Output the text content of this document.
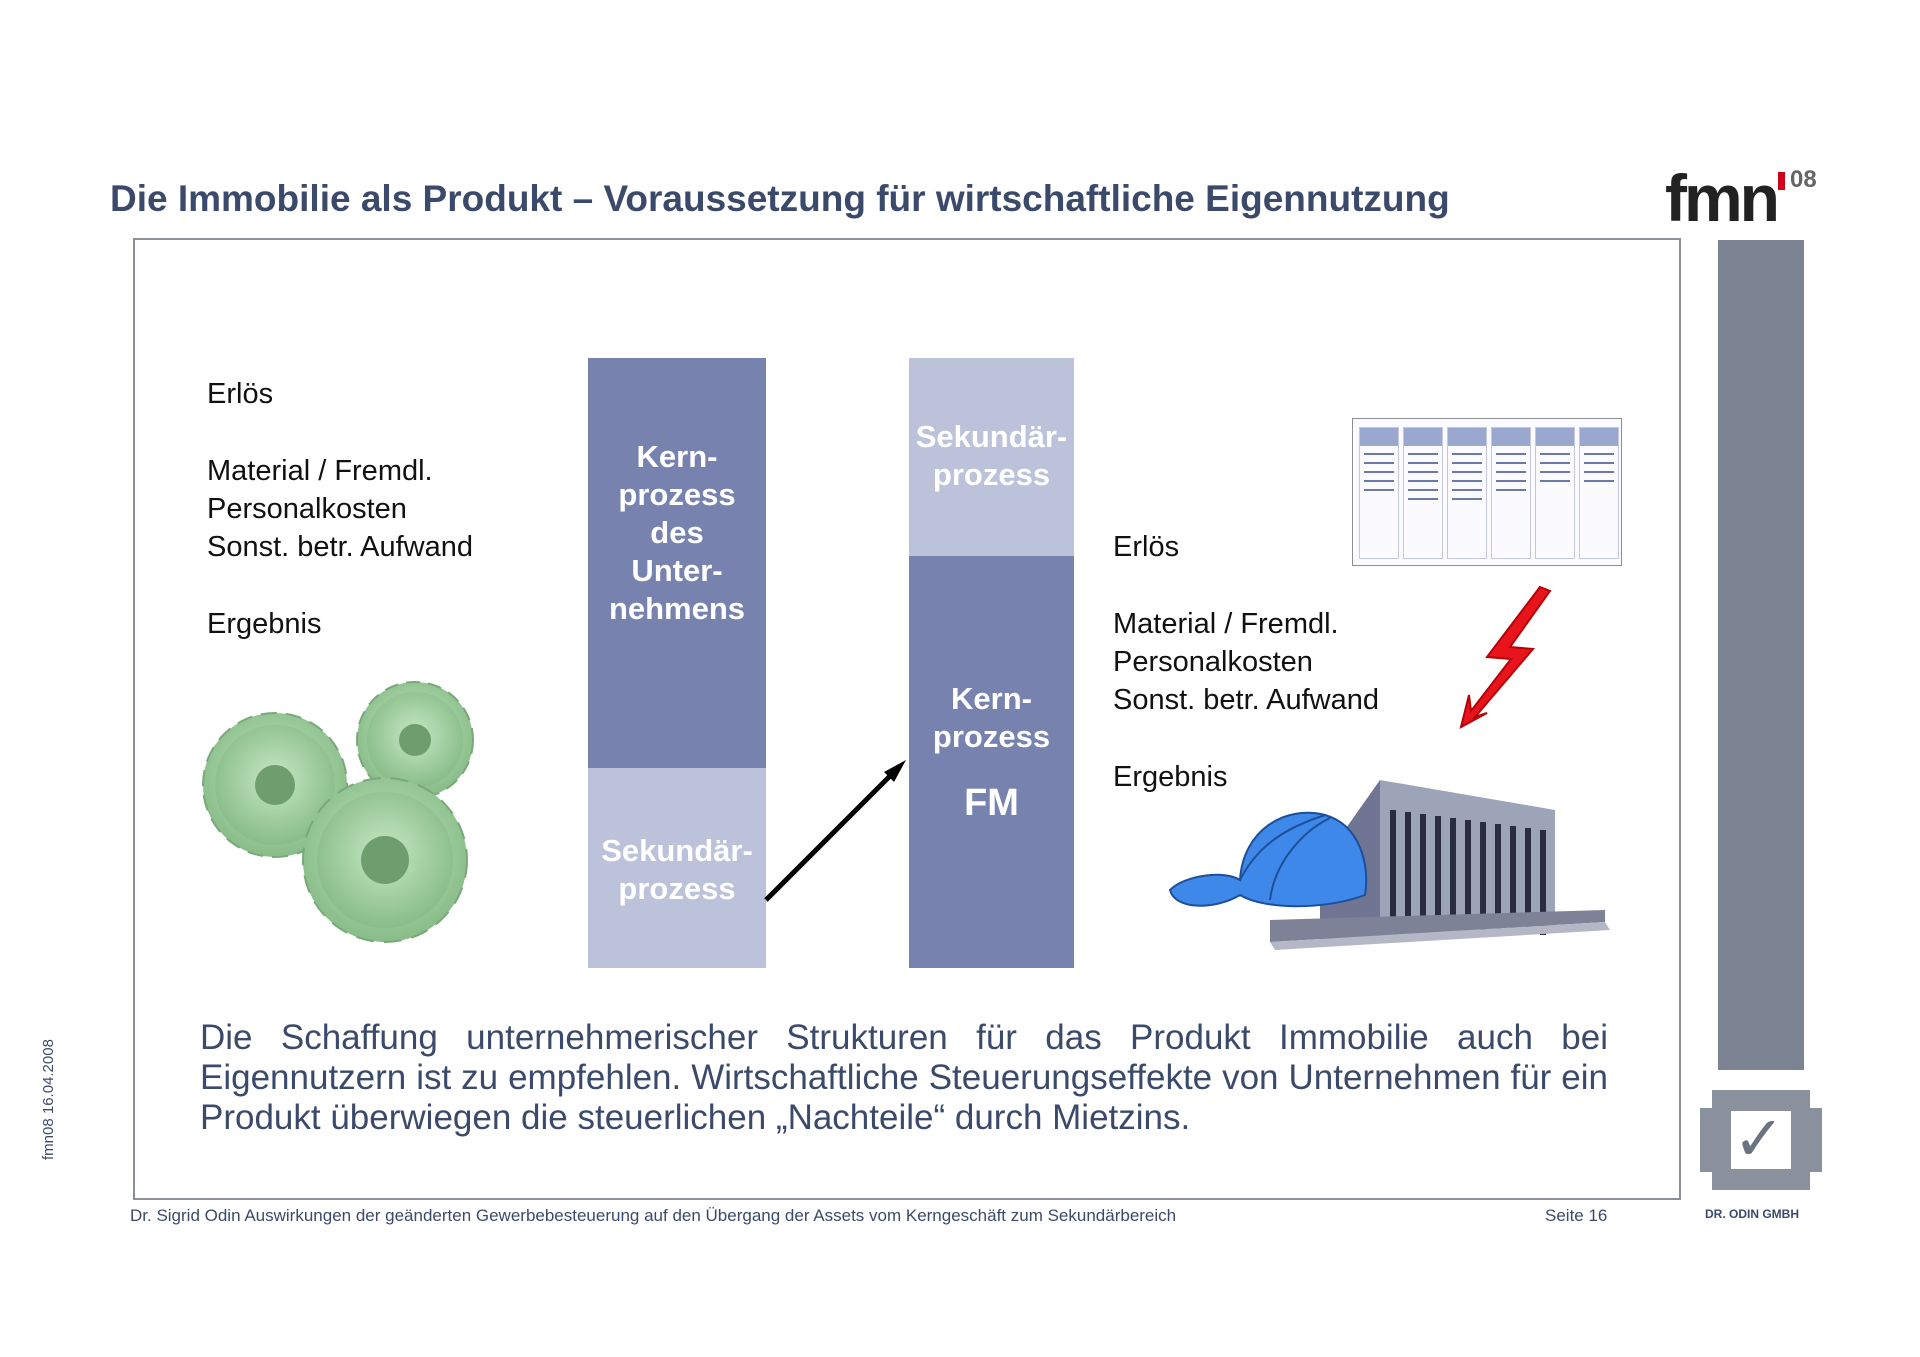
Die Immobilie als Produkt – Voraussetzung für wirtschaftliche Eigennutzung	fmn 08
✓
DR. ODIN GMBH
Erlös
Material / Fremdl.
Personalkosten
Sonst. betr. Aufwand
Ergebnis
Kern-
prozess
des
Unter-
nehmens
Sekundär-
prozess
Sekundär-
prozess
Kern-
prozess
FM
Erlös
Material / Fremdl.
Personalkosten
Sonst. betr. Aufwand
Ergebnis
Die Schaffung unternehmerischer Strukturen für das Produkt Immobilie auch bei Eigennutzern ist zu empfehlen. Wirtschaftliche Steuerungseffekte von Unternehmen für ein Produkt überwiegen die steuerlichen „Nachteile“ durch Mietzins.
Dr. Sigrid Odin Auswirkungen der geänderten Gewerbebesteuerung auf den Übergang der Assets vom Kerngeschäft zum Sekundärbereich	Seite 16
fmn08 16.04.2008
